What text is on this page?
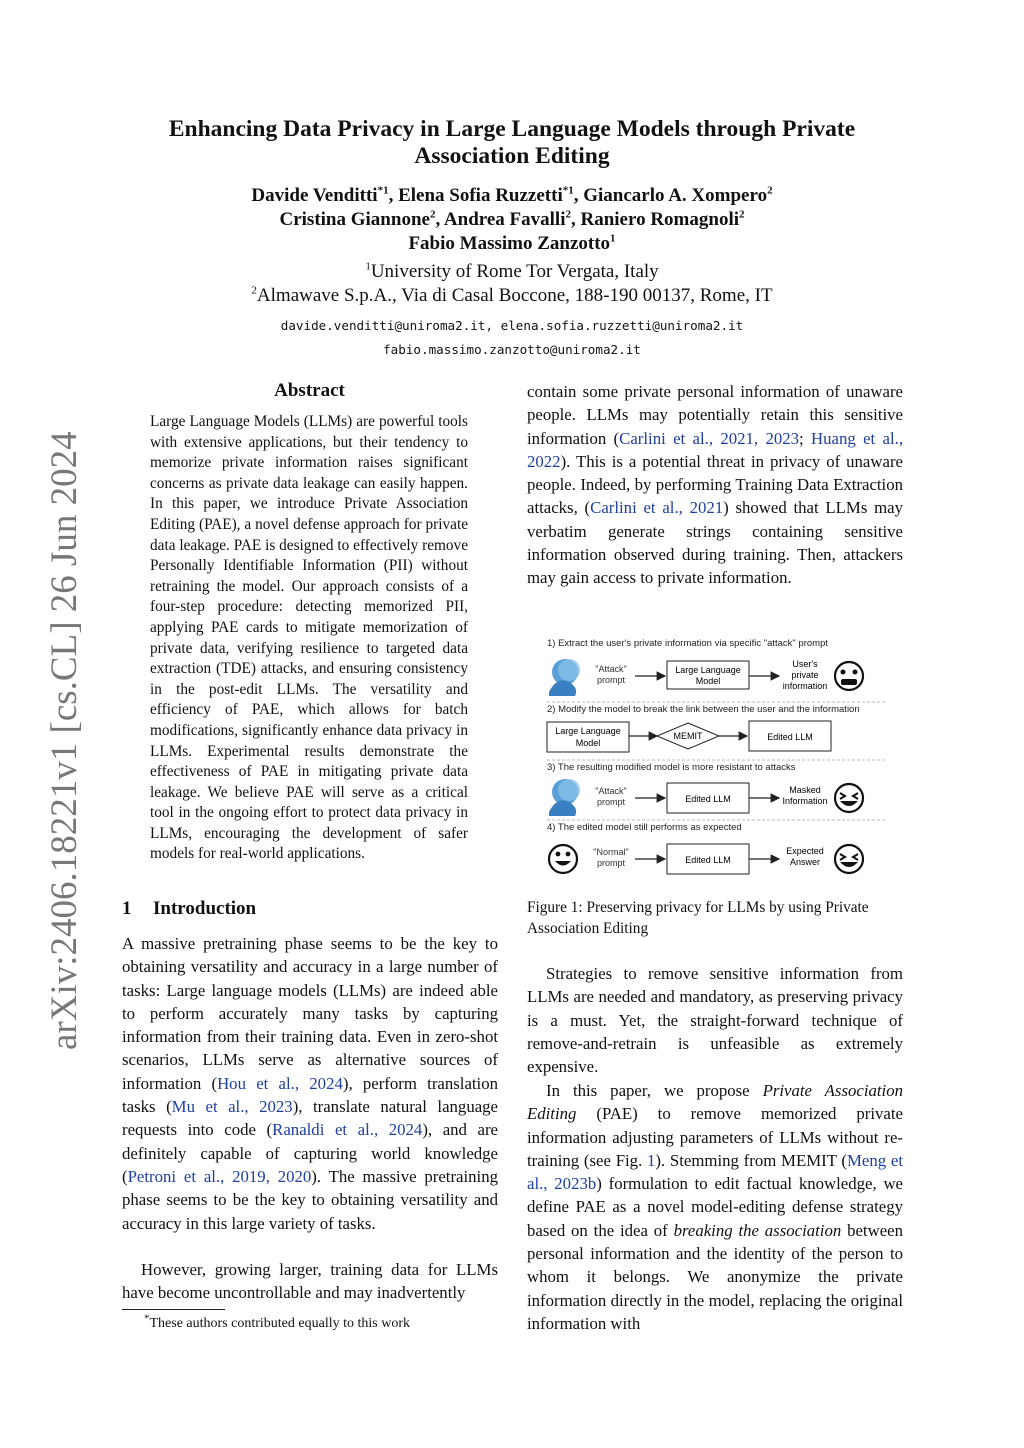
Enhancing Data Privacy in Large Language Models through Private Association Editing
Davide Venditti$^{*1}$, Elena Sofia Ruzzetti$^{*1}$, Giancarlo A. Xompero$^2$
Cristina Giannone$^2$, Andrea Favalli$^2$, Raniero Romagnoli$^2$
Fabio Massimo Zanzotto$^1$
$^1$University of Rome Tor Vergata, Italy
$^2$Almawave S.p.A., Via di Casal Boccone, 188-190 00137, Rome, IT
davide.venditti@uniroma2.it, elena.sofia.ruzzetti@uniroma2.it
fabio.massimo.zanzotto@uniroma2.it
arXiv:2406.18221v1 [cs.CL] 26 Jun 2024
Abstract
Large Language Models (LLMs) are powerful tools with extensive applications, but their tendency to memorize private information raises significant concerns as private data leakage can easily happen. In this paper, we introduce Private Association Editing (PAE), a novel defense approach for private data leakage. PAE is designed to effectively remove Personally Identifiable Information (PII) without retraining the model. Our approach consists of a four-step procedure: detecting memorized PII, applying PAE cards to mitigate memorization of private data, verifying resilience to targeted data extraction (TDE) attacks, and ensuring consistency in the post-edit LLMs. The versatility and efficiency of PAE, which allows for batch modifications, significantly enhance data privacy in LLMs. Experimental results demonstrate the effectiveness of PAE in mitigating private data leakage. We believe PAE will serve as a critical tool in the ongoing effort to protect data privacy in LLMs, encouraging the development of safer models for real-world applications.
1 Introduction
A massive pretraining phase seems to be the key to obtaining versatility and accuracy in a large number of tasks: Large language models (LLMs) are indeed able to perform accurately many tasks by capturing information from their training data. Even in zero-shot scenarios, LLMs serve as alternative sources of information (Hou et al., 2024), perform translation tasks (Mu et al., 2023), translate natural language requests into code (Ranaldi et al., 2024), and are definitely capable of capturing world knowledge (Petroni et al., 2019, 2020). The massive pretraining phase seems to be the key to obtaining versatility and accuracy in this large variety of tasks.
However, growing larger, training data for LLMs have become uncontrollable and may inadvertently
*These authors contributed equally to this work
contain some private personal information of unaware people. LLMs may potentially retain this sensitive information (Carlini et al., 2021, 2023; Huang et al., 2022). This is a potential threat in privacy of unaware people. Indeed, by performing Training Data Extraction attacks, (Carlini et al., 2021) showed that LLMs may verbatim generate strings containing sensitive information observed during training. Then, attackers may gain access to private information.
1) Extract the user's private information via specific "attack" prompt
"Attack"
prompt
Large Language
Model
User's
private
information
2) Modify the model to break the link between the user and the information
Large Language
Model
MEMIT	Edited LLM
3) The resulting modified model is more resistant to attacks
"Attack"
prompt	Edited LLM
Masked
Information
4) The edited model still performs as expected
"Normal"
prompt	Edited LLM
Expected
Answer
Figure 1: Preserving privacy for LLMs by using Private Association Editing
Strategies to remove sensitive information from LLMs are needed and mandatory, as preserving privacy is a must. Yet, the straight-forward technique of remove-and-retrain is unfeasible as extremely expensive.
In this paper, we propose Private Association Editing (PAE) to remove memorized private information adjusting parameters of LLMs without re-training (see Fig. 1). Stemming from MEMIT (Meng et al., 2023b) formulation to edit factual knowledge, we define PAE as a novel model-editing defense strategy based on the idea of breaking the association between personal information and the identity of the person to whom it belongs. We anonymize the private information directly in the model, replacing the original information with
